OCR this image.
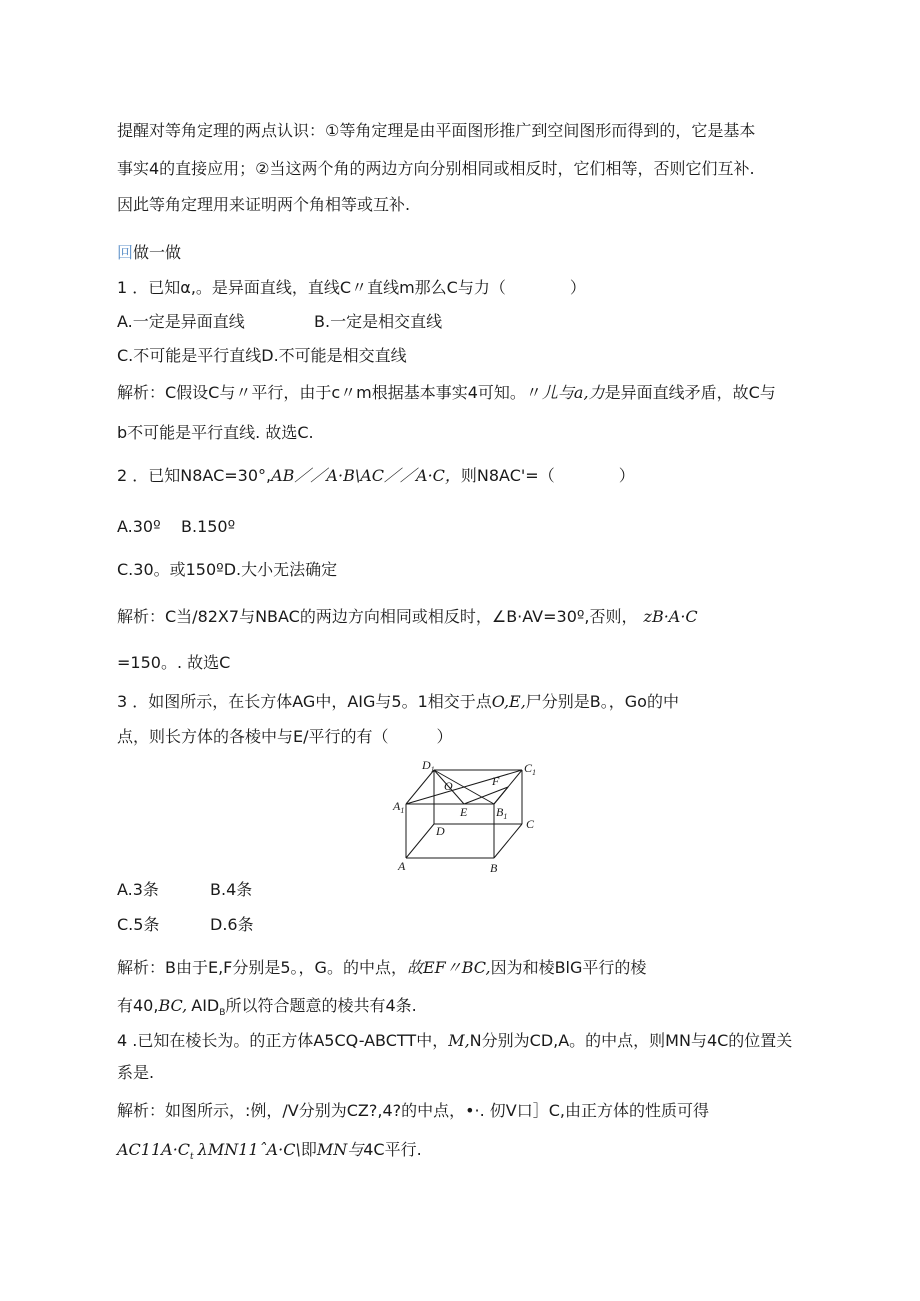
提醒对等角定理的两点认识：①等角定理是由平面图形推广到空间图形而得到的，它是基本
事实4的直接应用；②当这两个角的两边方向分别相同或相反时，它们相等，否则它们互补.
因此等角定理用来证明两个角相等或互补.
回做一做
1 ．已知α,。是异面直线，直线C〃直线m那么C与力（　　　　）
A.一定是异面直线	B.一定是相交直线
C.不可能是平行直线D.不可能是相交直线
解析：C假设C与〃平行，由于c〃m根据基本事实4可知。〃儿与a,力是异面直线矛盾，故C与
b不可能是平行直线. 故选C.
2 ．已知N8AC=30°,AB／／A·B\AC／／A·C，则N8AC'=（　　　　）
A.30º B.150º
C.30。或150ºD.大小无法确定
解析：C当/82X7与NBAC的两边方向相同或相反时，∠B·AV=30º,否则， zB·A·C
=150。. 故选C
3 ．如图所示，在长方体AG中，AIG与5。1相交于点O,E,尸分别是B。，Go的中
点，则长方体的各棱中与E/平行的有（　　　）
$D_1$	$C_1$
O	F
$A_1$	E $B_1$
D	C
A	B
A.3条	B.4条
C.5条	D.6条
解析：B由于E,F分别是5。，G。的中点，故EF〃BC,因为和棱BlG平行的棱
有40,BC, $AID_B$所以符合题意的棱共有4条.
4 .已知在棱长为。的正方体A5CQ-ABCTT中，M,N分别为CD,A。的中点，则MN与4C的位置关
系是.
解析：如图所示，:例，/V分别为CZ?,4?的中点，•·. 仞V口］C,由正方体的性质可得
$AC11A\cdot C_t$ λMN11ˆA·C\即MN与4C平行.
